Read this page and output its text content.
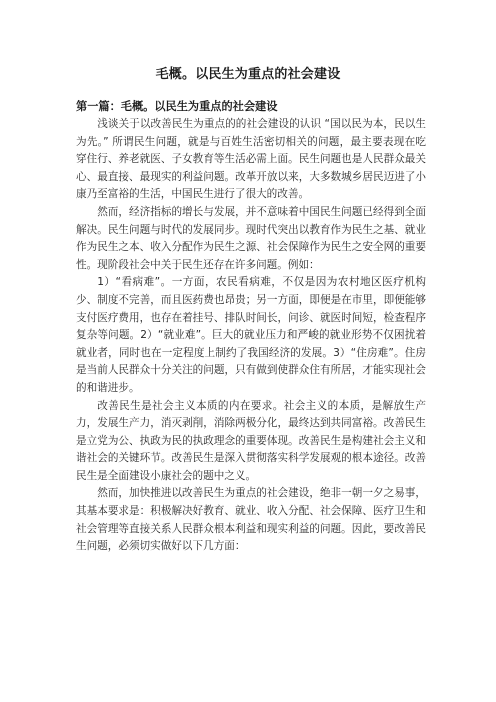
毛概。以民生为重点的社会建设
第一篇：毛概。以民生为重点的社会建设

浅谈关于以改善民生为重点的的社会建设的认识 “国以民为本，民以生为先。” 所谓民生问题，就是与百姓生活密切相关的问题，最主要表现在吃穿住行、养老就医、子女教育等生活必需上面。民生问题也是人民群众最关心、最直接、最现实的利益问题。改革开放以来，大多数城乡居民迈进了小康乃至富裕的生活，中国民生进行了很大的改善。

然而，经济指标的增长与发展，并不意味着中国民生问题已经得到全面解决。民生问题与时代的发展同步。现时代突出以教育作为民生之基、就业作为民生之本、收入分配作为民生之源、社会保障作为民生之安全网的重要性。现阶段社会中关于民生还存在许多问题。例如：

1）“看病难”。一方面，农民看病难，不仅是因为农村地区医疗机构少、制度不完善，而且医药费也昂贵；另一方面，即便是在市里，即便能够支付医疗费用，也存在着挂号、排队时间长，问诊、就医时间短，检查程序复杂等问题。2）“就业难”。巨大的就业压力和严峻的就业形势不仅困扰着就业者，同时也在一定程度上制约了我国经济的发展。3）“住房难”。住房是当前人民群众十分关注的问题，只有做到使群众住有所居，才能实现社会的和谐进步。

改善民生是社会主义本质的内在要求。社会主义的本质，是解放生产力，发展生产力，消灭剥削，消除两极分化，最终达到共同富裕。改善民生是立党为公、执政为民的执政理念的重要体现。改善民生是构建社会主义和谐社会的关键环节。改善民生是深入贯彻落实科学发展观的根本途径。改善民生是全面建设小康社会的题中之义。

然而，加快推进以改善民生为重点的社会建设，绝非一朝一夕之易事，其基本要求是：积极解决好教育、就业、收入分配、社会保障、医疗卫生和社会管理等直接关系人民群众根本利益和现实利益的问题。因此，要改善民生问题，必须切实做好以下几方面：
